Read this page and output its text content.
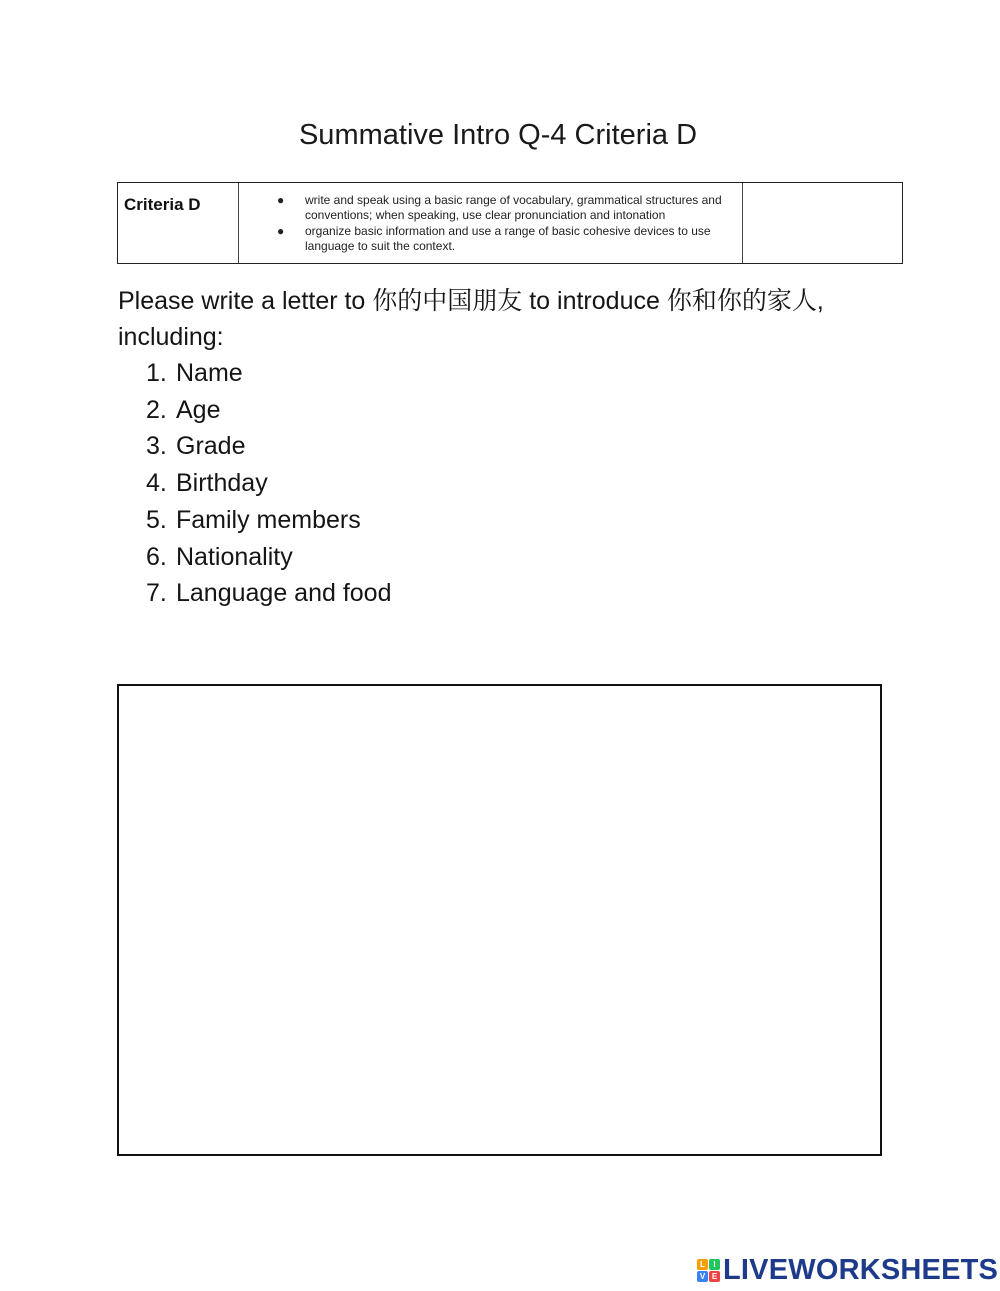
Summative Intro Q-4 Criteria D
Criteria D	● write and speak using a basic range of vocabulary, grammatical structures and conventions; when speaking, use clear pronunciation and intonation
● organize basic information and use a range of basic cohesive devices to use language to suit the context.
Please write a letter to 你的中国朋友 to introduce 你和你的家人, including:
1. Name
2. Age
3. Grade
4. Birthday
5. Family members
6. Nationality
7. Language and food
L	I
V E LIVEWORKSHEETS
